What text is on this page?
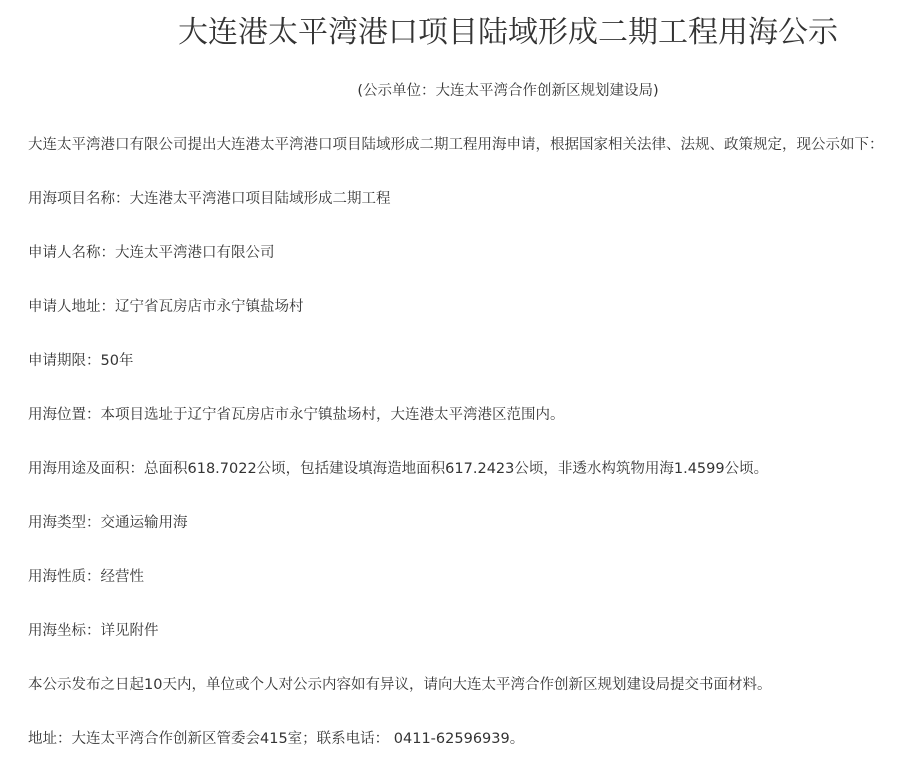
大连港太平湾港口项目陆域形成二期工程用海公示
(公示单位：大连太平湾合作创新区规划建设局)

大连太平湾港口有限公司提出大连港太平湾港口项目陆域形成二期工程用海申请，根据国家相关法律、法规、政策规定，现公示如下：

用海项目名称：大连港太平湾港口项目陆域形成二期工程

申请人名称：大连太平湾港口有限公司

申请人地址：辽宁省瓦房店市永宁镇盐场村

申请期限：50年

用海位置：本项目选址于辽宁省瓦房店市永宁镇盐场村，大连港太平湾港区范围内。

用海用途及面积：总面积618.7022公顷，包括建设填海造地面积617.2423公顷，非透水构筑物用海1.4599公顷。

用海类型：交通运输用海

用海性质：经营性

用海坐标：详见附件

本公示发布之日起10天内，单位或个人对公示内容如有异议，请向大连太平湾合作创新区规划建设局提交书面材料。

地址：大连太平湾合作创新区管委会415室；联系电话： 0411-62596939。
